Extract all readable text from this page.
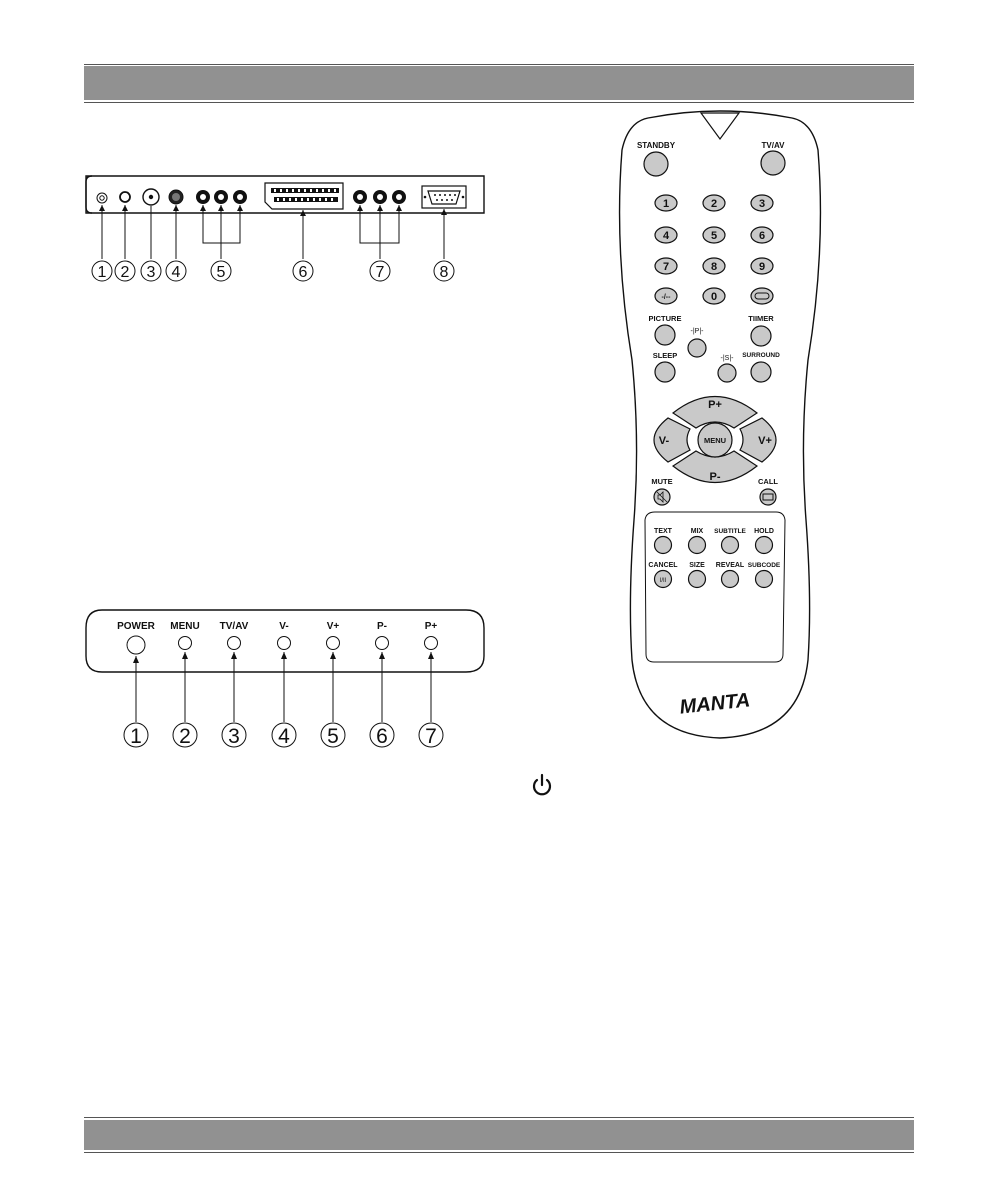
1 2 3 4 5	6	7	8
POWER MENU TV/AV	V-	V+	P-	P+
1 2 3 4 5 6 7
STANDBY	TV/AV
1	2	3
4	5	6
7	8	9
-/--	0
PICTURE	TIIMER
-|P|-
SLEEP	SURROUND
-|S|-
P+
P-
V-	V+
MENU
MUTE	CALL
TEXT	MIX SUBTITLE HOLD
CANCEL SIZE REVEAL SUBCODE
I/II
MANTA
